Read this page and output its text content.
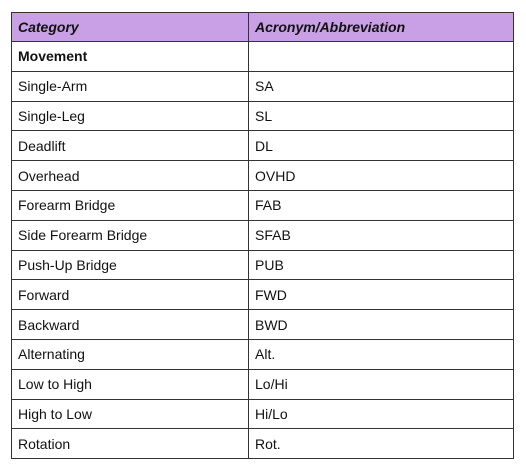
Category	Acronym/Abbreviation
Movement	
Single-Arm	SA
Single-Leg	SL
Deadlift	DL
Overhead	OVHD
Forearm Bridge	FAB
Side Forearm Bridge	SFAB
Push-Up Bridge	PUB
Forward	FWD
Backward	BWD
Alternating	Alt.
Low to High	Lo/Hi
High to Low	Hi/Lo
Rotation	Rot.
